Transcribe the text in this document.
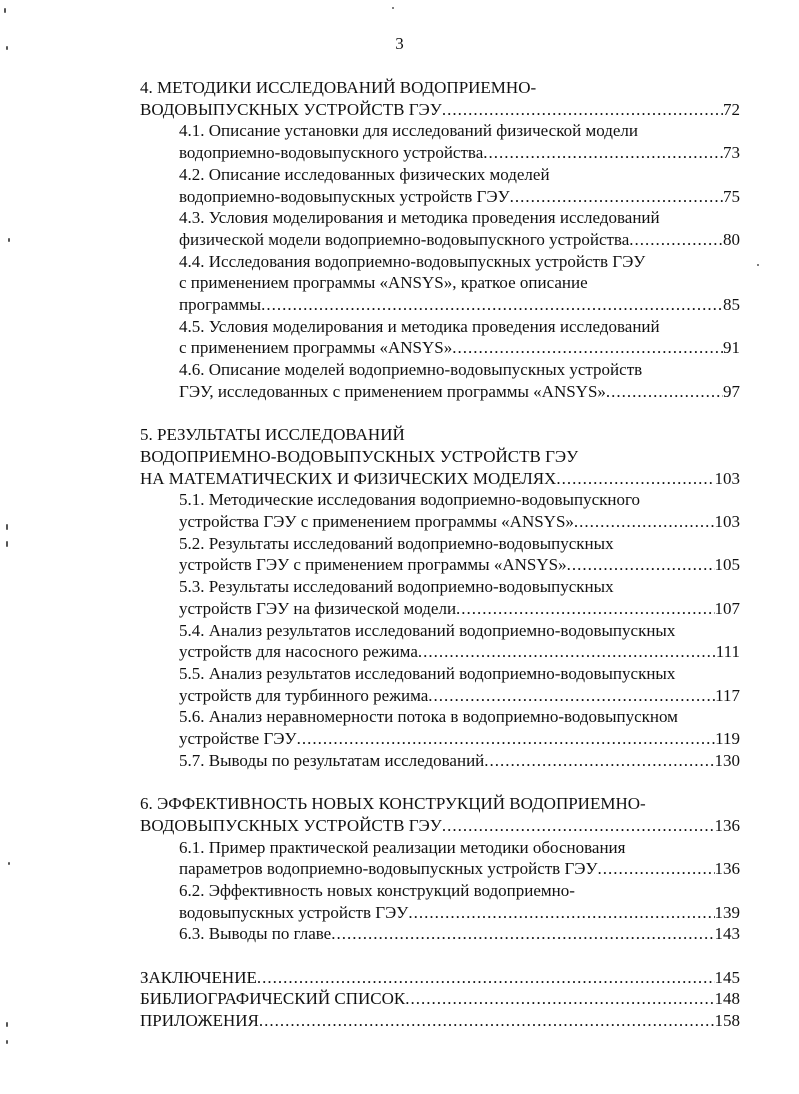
3
4. МЕТОДИКИ ИССЛЕДОВАНИЙ ВОДОПРИЕМНО-
ВОДОВЫПУСКНЫХ УСТРОЙСТВ ГЭУ .....	72
4.1. Описание установки для исследований физической модели
водоприемно-водовыпускного устройства .....	73
4.2. Описание исследованных физических моделей
водоприемно-водовыпускных устройств ГЭУ .....	75
4.3. Условия моделирования и методика проведения исследований
физической модели водоприемно-водовыпускного устройства .....	80
4.4. Исследования водоприемно-водовыпускных устройств ГЭУ
с применением программы «ANSYS», краткое описание
программы .....	85
4.5. Условия моделирования и методика проведения исследований
с применением программы «ANSYS» .....	91
4.6. Описание моделей водоприемно-водовыпускных устройств
ГЭУ, исследованных с применением программы «ANSYS» .....	97
5. РЕЗУЛЬТАТЫ ИССЛЕДОВАНИЙ
ВОДОПРИЕМНО-ВОДОВЫПУСКНЫХ УСТРОЙСТВ ГЭУ
НА МАТЕМАТИЧЕСКИХ И ФИЗИЧЕСКИХ МОДЕЛЯХ .....	103
5.1. Методические исследования водоприемно-водовыпускного
устройства ГЭУ с применением программы «ANSYS» .....	103
5.2. Результаты исследований водоприемно-водовыпускных
устройств ГЭУ с применением программы «ANSYS» .....	105
5.3. Результаты исследований водоприемно-водовыпускных
устройств ГЭУ на физической модели .....	107
5.4. Анализ результатов исследований водоприемно-водовыпускных
устройств для насосного режима .....	111
5.5. Анализ результатов исследований водоприемно-водовыпускных
устройств для турбинного режима .....	117
5.6. Анализ неравномерности потока в водоприемно-водовыпускном
устройстве ГЭУ .....	119
5.7. Выводы по результатам исследований .....	130
6. ЭФФЕКТИВНОСТЬ НОВЫХ КОНСТРУКЦИЙ ВОДОПРИЕМНО-
ВОДОВЫПУСКНЫХ УСТРОЙСТВ ГЭУ .....	136
6.1. Пример практической реализации методики обоснования
параметров водоприемно-водовыпускных устройств ГЭУ .....	136
6.2. Эффективность новых конструкций водоприемно-
водовыпускных устройств ГЭУ .....	139
6.3. Выводы по главе .....	143
ЗАКЛЮЧЕНИЕ .....	145
БИБЛИОГРАФИЧЕСКИЙ СПИСОК .....	148
ПРИЛОЖЕНИЯ .....	158
